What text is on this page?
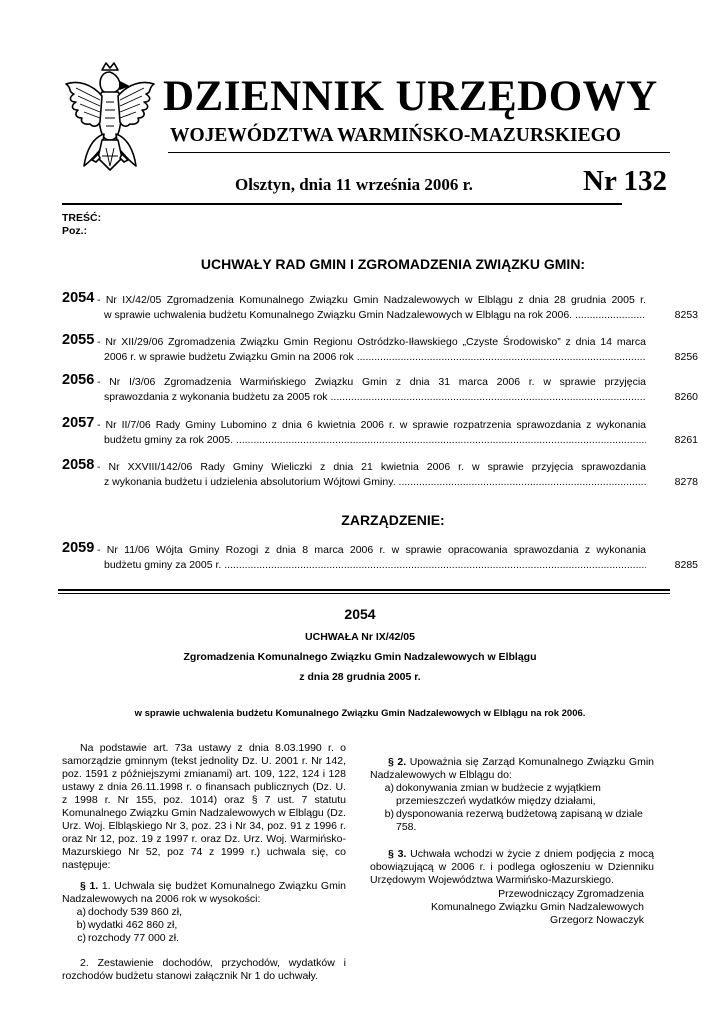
DZIENNIK URZĘDOWY
WOJEWÓDZTWA WARMIŃSKO-MAZURSKIEGO
Olsztyn, dnia 11 września 2006 r.	Nr 132
TREŚĆ:
Poz.:
UCHWAŁY RAD GMIN I ZGROMADZENIA ZWIĄZKU GMIN:
2054 - Nr IX/42/05 Zgromadzenia Komunalnego Związku Gmin Nadzalewowych w Elblągu z dnia 28 grudnia 2005 r.
w sprawie uchwalenia budżetu Komunalnego Związku Gmin Nadzalewowych w Elblągu na rok 2006. .....	8253
2055 - Nr XII/29/06 Zgromadzenia Związku Gmin Regionu Ostródzko-Iławskiego „Czyste Środowisko” z dnia 14 marca
2006 r. w sprawie budżetu Związku Gmin na 2006 rok .....	8256
2056 - Nr I/3/06 Zgromadzenia Warmińskiego Związku Gmin z dnia 31 marca 2006 r. w sprawie przyjęcia
sprawozdania z wykonania budżetu za 2005 rok .....	8260
2057 - Nr II/7/06 Rady Gminy Lubomino z dnia 6 kwietnia 2006 r. w sprawie rozpatrzenia sprawozdania z wykonania
budżetu gminy za rok 2005. .....	8261
2058 - Nr XXVIII/142/06 Rady Gminy Wieliczki z dnia 21 kwietnia 2006 r. w sprawie przyjęcia sprawozdania
z wykonania budżetu i udzielenia absolutorium Wójtowi Gminy. .....	8278
ZARZĄDZENIE:
2059 - Nr 11/06 Wójta Gminy Rozogi z dnia 8 marca 2006 r. w sprawie opracowania sprawozdania z wykonania
budżetu gminy za 2005 r. .....	8285
2054
UCHWAŁA Nr IX/42/05
Zgromadzenia Komunalnego Związku Gmin Nadzalewowych w Elblągu
z dnia 28 grudnia 2005 r.
w sprawie uchwalenia budżetu Komunalnego Związku Gmin Nadzalewowych w Elblągu na rok 2006.
Na podstawie art. 73a ustawy z dnia 8.03.1990 r. o samorządzie gminnym (tekst jednolity Dz. U. 2001 r. Nr 142, poz. 1591 z późniejszymi zmianami) art. 109, 122, 124 i 128 ustawy z dnia 26.11.1998 r. o finansach publicznych (Dz. U. z 1998 r. Nr 155, poz. 1014) oraz § 7 ust. 7 statutu Komunalnego Związku Gmin Nadzalewowych w Elblągu (Dz. Urz. Woj. Elbląskiego Nr 3, poz. 23 i Nr 34, poz. 91 z 1996 r. oraz Nr 12, poz. 19 z 1997 r. oraz Dz. Urz. Woj. Warmińsko-Mazurskiego Nr 52, poz 74 z 1999 r.) uchwala się, co następuje:
§ 1. 1. Uchwala się budżet Komunalnego Związku Gmin Nadzalewowych na 2006 rok w wysokości:
a) dochody 539 860 zł,
b) wydatki 462 860 zł,
c) rozchody 77 000 zł.
2. Zestawienie dochodów, przychodów, wydatków i rozchodów budżetu stanowi załącznik Nr 1 do uchwały.
§ 2. Upoważnia się Zarząd Komunalnego Związku Gmin Nadzalewowych w Elblągu do:
a) dokonywania zmian w budżecie z wyjątkiem przemieszczeń wydatków między działami,
b) dysponowania rezerwą budżetową zapisaną w dziale 758.
§ 3. Uchwała wchodzi w życie z dniem podjęcia z mocą obowiązującą w 2006 r. i podlega ogłoszeniu w Dzienniku Urzędowym Województwa Warmińsko-Mazurskiego.
Przewodniczący Zgromadzenia
Komunalnego Związku Gmin Nadzalewowych
Grzegorz Nowaczyk
